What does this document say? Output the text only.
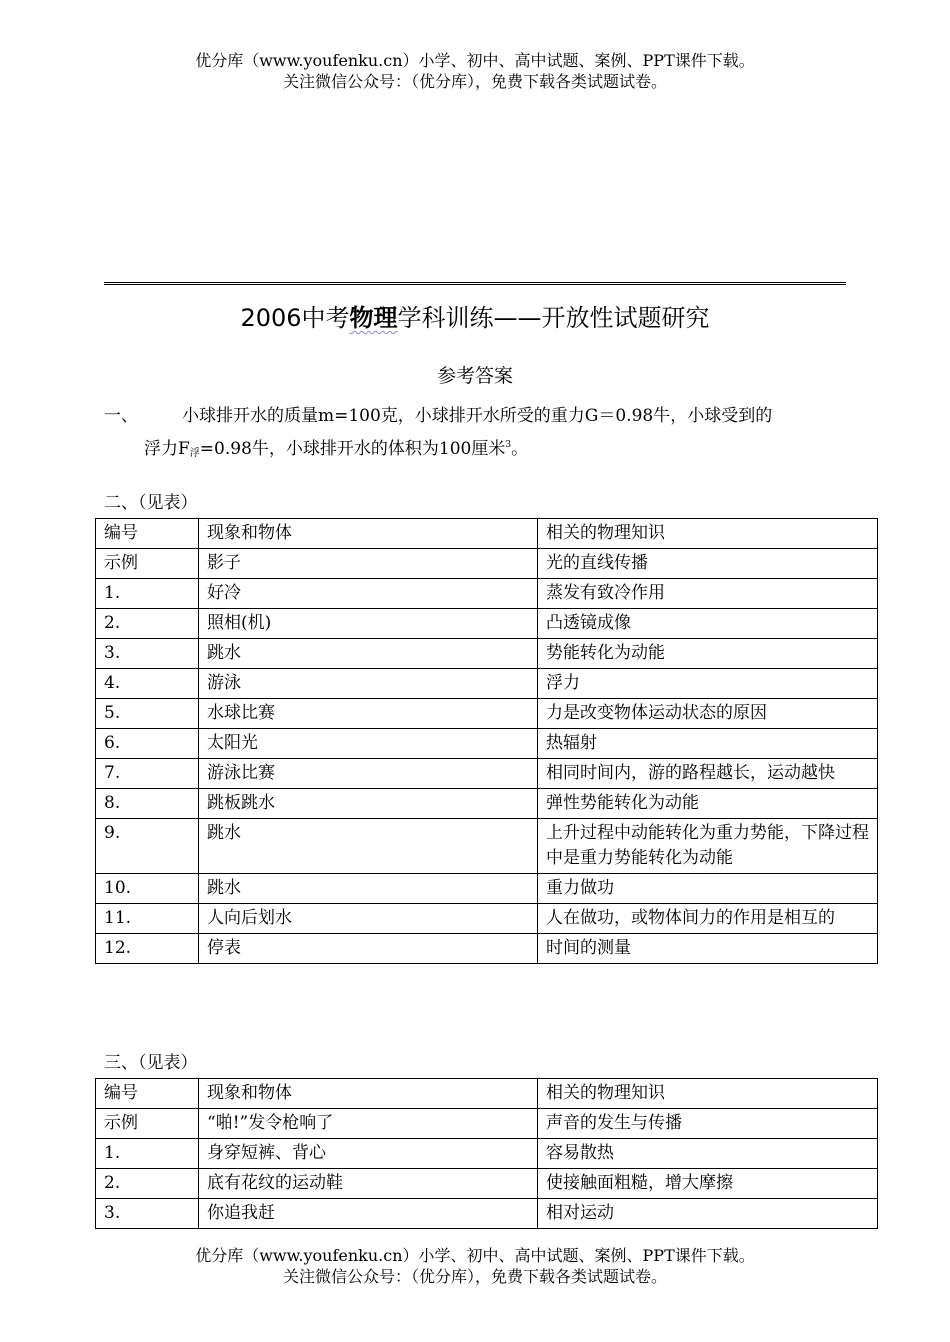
优分库（www.youfenku.cn）小学、初中、高中试题、案例、PPT课件下载。
关注微信公众号：（优分库），免费下载各类试题试卷。
2006中考物理学科训练——开放性试题研究
参考答案
一、	小球排开水的质量m=100克，小球排开水所受的重力G＝0.98牛，小球受到的
浮力$F_浮=0.98$牛，小球排开水的体积为100厘米$^3$。
二、（见表）
编号	现象和物体	相关的物理知识
示例	影子	光的直线传播
1.	好冷	蒸发有致冷作用
2.	照相(机)	凸透镜成像
3.	跳水	势能转化为动能
4.	游泳	浮力
5.	水球比赛	力是改变物体运动状态的原因
6.	太阳光	热辐射
7.	游泳比赛	相同时间内，游的路程越长，运动越快
8.	跳板跳水	弹性势能转化为动能
9.	跳水	上升过程中动能转化为重力势能，下降过程中是重力势能转化为动能
10.	跳水	重力做功
11.	人向后划水	人在做功，或物体间力的作用是相互的
12.	停表	时间的测量
三、（见表）
编号	现象和物体	相关的物理知识
示例	“啪!”发令枪响了	声音的发生与传播
1.	身穿短裤、背心	容易散热
2.	底有花纹的运动鞋	使接触面粗糙，增大摩擦
3.	你追我赶	相对运动
优分库（www.youfenku.cn）小学、初中、高中试题、案例、PPT课件下载。
关注微信公众号：（优分库），免费下载各类试题试卷。
